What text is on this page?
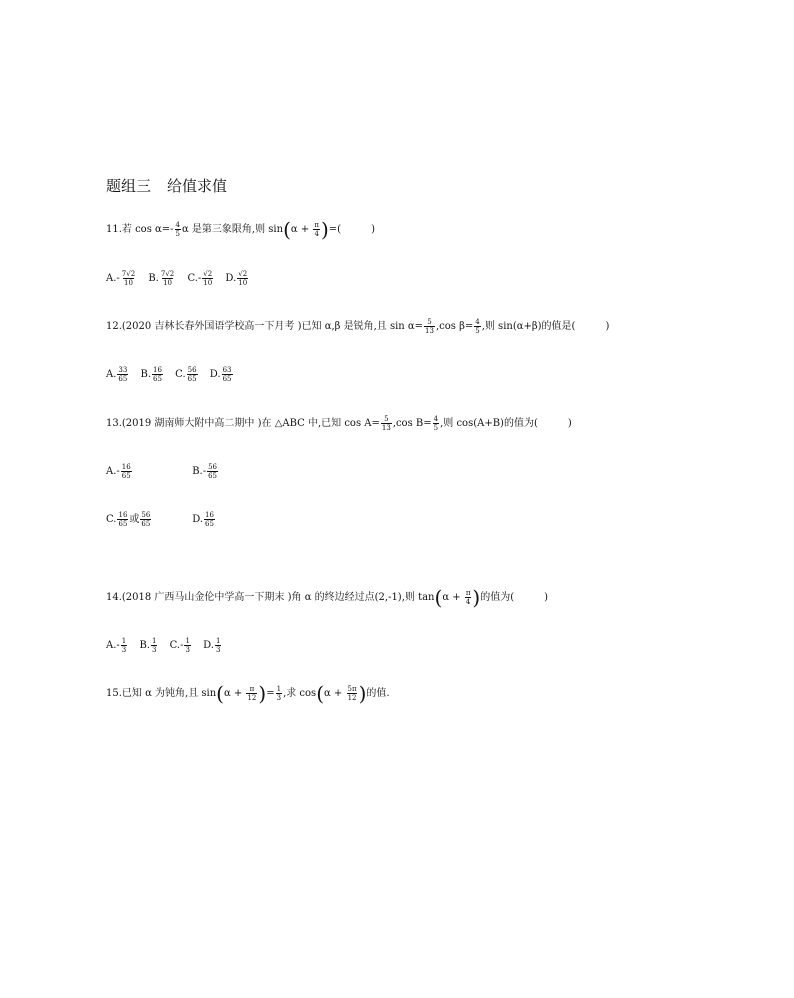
题组三 给值求值
11.若 $\cos \alpha=- \frac{4}{5}$ α 是第三象限角,则 $\sin(\alpha + \frac{\pi}{4}$ )=(	)
$A.- \frac{7√2}{10} B$. $\frac{7√2}{10} C.- \frac{√2}{10} D$. $\frac{√2}{10}$
12.(2020 吉林长春外国语学校高一下月考 )已知 α,β 是锐角,且 $\sin \alpha= \frac{5}{13} ,\cos$ $\beta= \frac{4}{5}$ ,则 sin(α+β)的值是(	)
A. $\frac{33}{65} B$. $\frac{16}{65} C$. $\frac{56}{65} D$. $\frac{63}{65}$
13.(2019 湖南师大附中高二期中 )在 △ABC 中,已知 $\cos A= \frac{5}{13} ,\cos$ $B= \frac{4}{5}$ ,则 cos(A+B)的值为(	)
$A.- \frac{16}{65}$	$B.- \frac{56}{65}$
C. $\frac{16}{65}$ 或 $\frac{56}{65}$	D. $\frac{16}{65}$
14.(2018 广西马山金伦中学高一下期末 )角 α 的终边经过点(2,-1),则 $\tan(\alpha + \frac{\pi}{4}$ )的值为(	)
$A.- \frac{1}{3} B$. $\frac{1}{3} C.- \frac{1}{3} D$. $\frac{1}{3}$
15.已知 α 为钝角,且 $\sin(\alpha + \frac{\pi}{12}$ )= $\frac{1}{3}$ ,求 $\cos(\alpha + \frac{5\pi}{12}$ )的值.
